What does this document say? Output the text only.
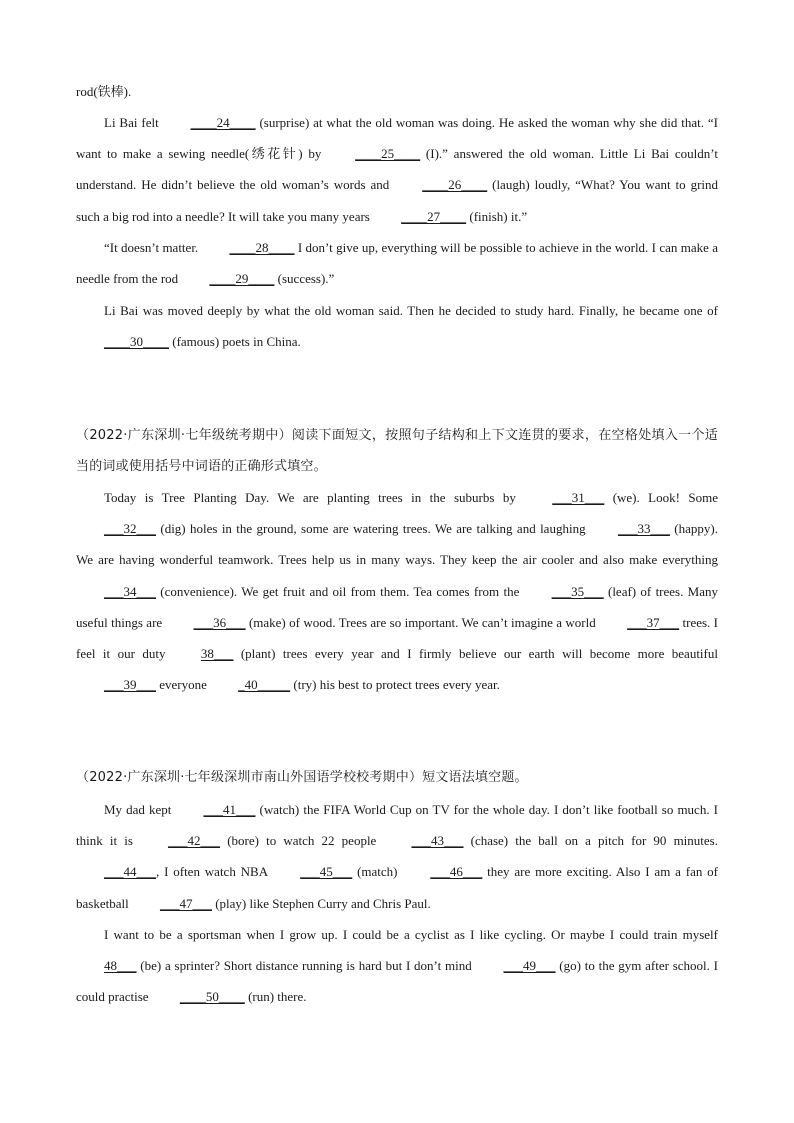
rod(铁棒).

Li Bai felt ____24____ (surprise) at what the old woman was doing. He asked the woman why she did that. “I want to make a sewing needle(绣花针) by ____25____ (I).” answered the old woman. Little Li Bai couldn’t understand. He didn’t believe the old woman’s words and ____26____ (laugh) loudly, “What? You want to grind such a big rod into a needle? It will take you many years ____27____ (finish) it.”

“It doesn’t matter. ____28____ I don’t give up, everything will be possible to achieve in the world. I can make a needle from the rod ____29____ (success).”

Li Bai was moved deeply by what the old woman said. Then he decided to study hard. Finally, he became one of ____30____ (famous) poets in China.

（2022·广东深圳·七年级统考期中）阅读下面短文，按照句子结构和上下文连贯的要求，在空格处填入一个适当的词或使用括号中词语的正确形式填空。

Today is Tree Planting Day. We are planting trees in the suburbs by ___31___ (we). Look! Some ___32___ (dig) holes in the ground, some are watering trees. We are talking and laughing ___33___ (happy). We are having wonderful teamwork. Trees help us in many ways. They keep the air cooler and also make everything ___34___ (convenience). We get fruit and oil from them. Tea comes from the ___35___ (leaf) of trees. Many useful things are ___36___ (make) of wood. Trees are so important. We can’t imagine a world ___37___ trees. I feel it our duty 38___ (plant) trees every year and I firmly believe our earth will become more beautiful ___39___ everyone _40_____ (try) his best to protect trees every year.

（2022·广东深圳·七年级深圳市南山外国语学校校考期中）短文语法填空题。

My dad kept ___41___ (watch) the FIFA World Cup on TV for the whole day. I don’t like football so much. I think it is ___42___ (bore) to watch 22 people ___43___ (chase) the ball on a pitch for 90 minutes. ___44___, I often watch NBA ___45___ (match) ___46___ they are more exciting. Also I am a fan of basketball ___47___ (play) like Stephen Curry and Chris Paul.

I want to be a sportsman when I grow up. I could be a cyclist as I like cycling. Or maybe I could train myself 48___ (be) a sprinter? Short distance running is hard but I don’t mind ___49___ (go) to the gym after school. I could practise ____50____ (run) there.
